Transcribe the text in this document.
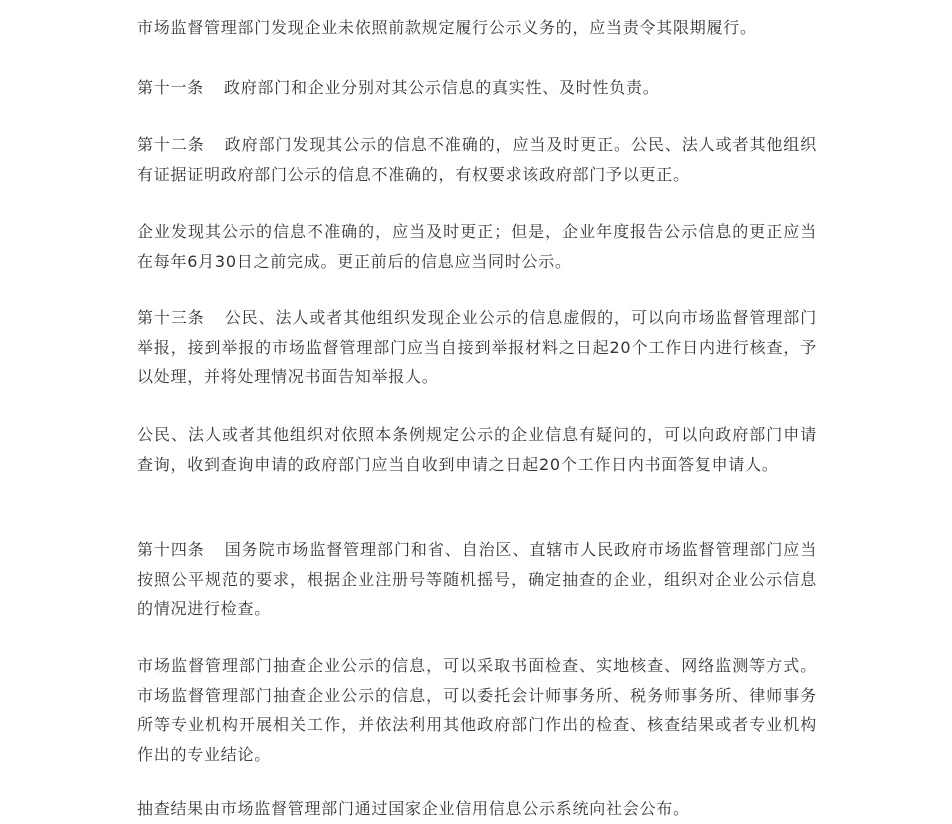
市场监督管理部门发现企业未依照前款规定履行公示义务的，应当责令其限期履行。

第十一条 政府部门和企业分别对其公示信息的真实性、及时性负责。

第十二条 政府部门发现其公示的信息不准确的，应当及时更正。公民、法人或者其他组织有证据证明政府部门公示的信息不准确的，有权要求该政府部门予以更正。

企业发现其公示的信息不准确的，应当及时更正；但是，企业年度报告公示信息的更正应当在每年6月30日之前完成。更正前后的信息应当同时公示。

第十三条 公民、法人或者其他组织发现企业公示的信息虚假的，可以向市场监督管理部门举报，接到举报的市场监督管理部门应当自接到举报材料之日起20个工作日内进行核查，予以处理，并将处理情况书面告知举报人。

公民、法人或者其他组织对依照本条例规定公示的企业信息有疑问的，可以向政府部门申请查询，收到查询申请的政府部门应当自收到申请之日起20个工作日内书面答复申请人。

第十四条 国务院市场监督管理部门和省、自治区、直辖市人民政府市场监督管理部门应当按照公平规范的要求，根据企业注册号等随机摇号，确定抽查的企业，组织对企业公示信息的情况进行检查。

市场监督管理部门抽查企业公示的信息，可以采取书面检查、实地核查、网络监测等方式。市场监督管理部门抽查企业公示的信息，可以委托会计师事务所、税务师事务所、律师事务所等专业机构开展相关工作，并依法利用其他政府部门作出的检查、核查结果或者专业机构作出的专业结论。

抽查结果由市场监督管理部门通过国家企业信用信息公示系统向社会公布。
